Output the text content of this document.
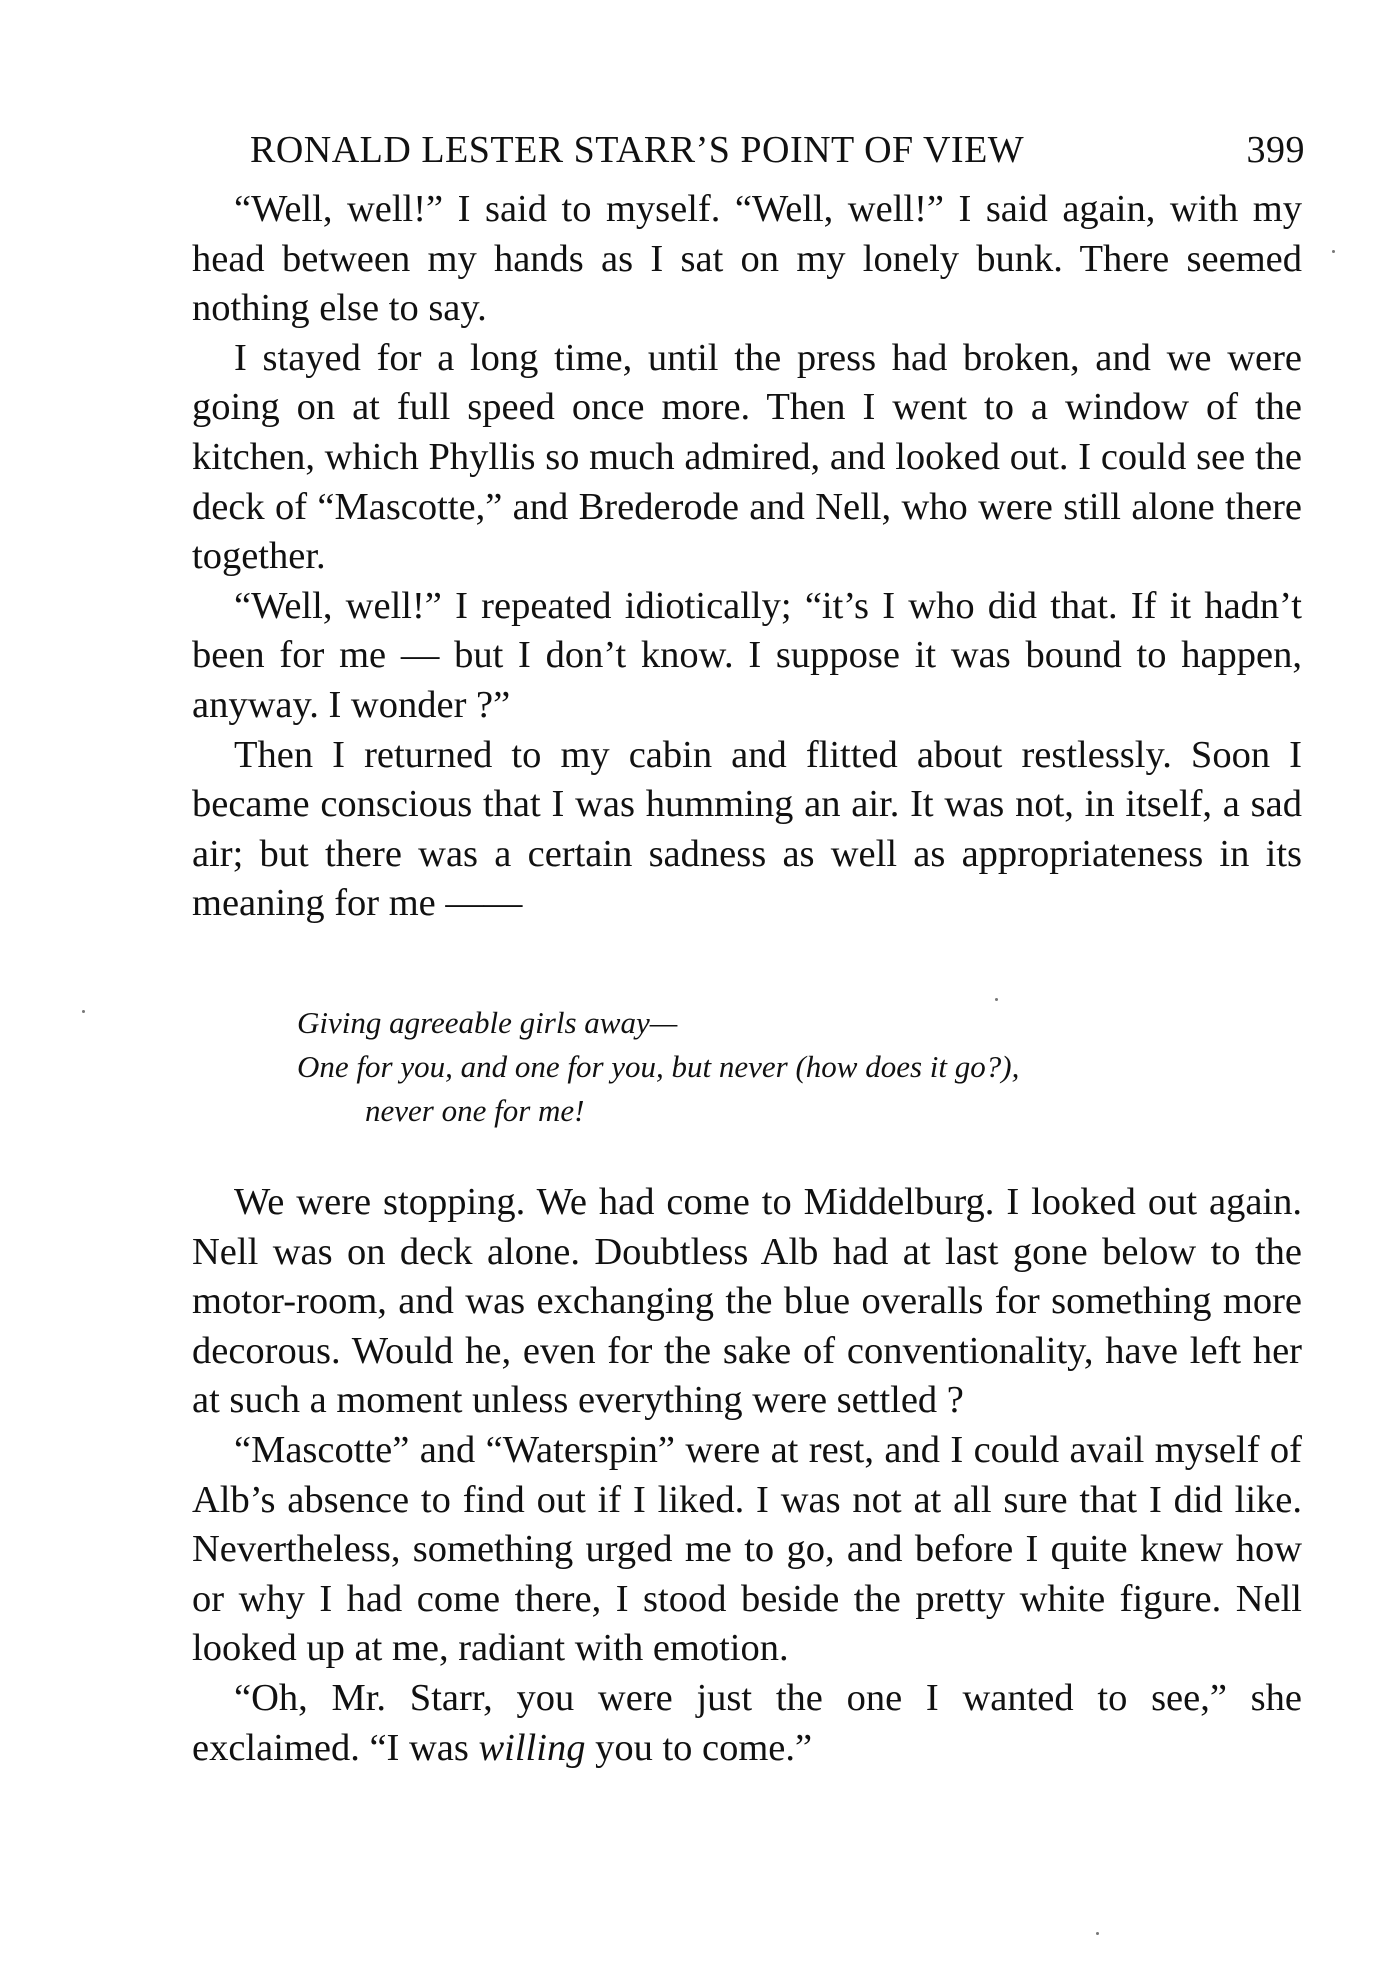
RONALD LESTER STARR’S POINT OF VIEW	399

“Well, well!” I said to myself. “Well, well!” I said again, with my head between my hands as I sat on my lonely bunk. There seemed nothing else to say.

I stayed for a long time, until the press had broken, and we were going on at full speed once more. Then I went to a window of the kitchen, which Phyllis so much admired, and looked out. I could see the deck of “Mascotte,” and Brederode and Nell, who were still alone there together.

“Well, well!” I repeated idiotically; “it’s I who did that. If it hadn’t been for me — but I don’t know. I suppose it was bound to happen, anyway. I wonder ?”

Then I returned to my cabin and flitted about restlessly. Soon I became conscious that I was humming an air. It was not, in itself, a sad air; but there was a certain sadness as well as appropriateness in its meaning for me ——

Giving agreeable girls away—
One for you, and one for you, but never (how does it go?),
never one for me!

We were stopping. We had come to Middelburg. I looked out again. Nell was on deck alone. Doubtless Alb had at last gone below to the motor-room, and was exchanging the blue overalls for something more decorous. Would he, even for the sake of conventionality, have left her at such a moment unless everything were settled ?

“Mascotte” and “Waterspin” were at rest, and I could avail myself of Alb’s absence to find out if I liked. I was not at all sure that I did like. Nevertheless, something urged me to go, and before I quite knew how or why I had come there, I stood beside the pretty white figure. Nell looked up at me, radiant with emotion.

“Oh, Mr. Starr, you were just the one I wanted to see,” she exclaimed. “I was willing you to come.”
